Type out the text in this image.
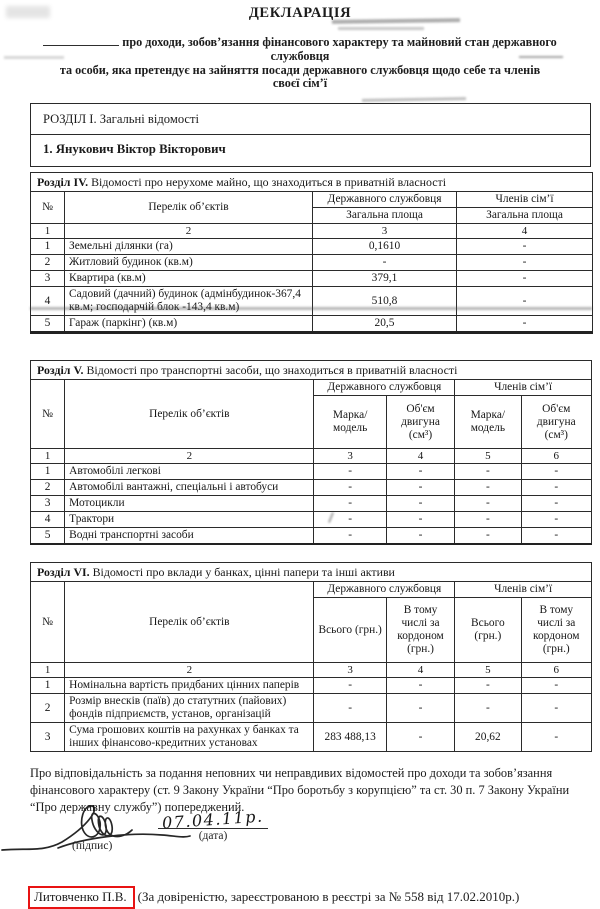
ДЕКЛАРАЦІЯ
про доходи, зобов’язання фінансового характеру та майновий стан державного службовця
та особи, яка претендує на зайняття посади державного службовця щодо себе та членів
своєї сім’ї
РОЗДІЛ І. Загальні відомості
1. Янукович Віктор Вікторович
Розділ IV. Відомості про нерухоме майно, що знаходиться в приватній власності			
№	Перелік об’єктів	Державного службовця	Членів сім’ї
		Загальна площа	Загальна площа
1	2	3	4
1	Земельні ділянки (га)	0,1610	-
2	Житловий будинок (кв.м)	-	-
3	Квартира (кв.м)	379,1	-
4	Садовий (дачний) будинок (адмінбудинок-367,4 кв.м; господарчій блок -143,4 кв.м)	510,8	-
5	Гараж (паркінг) (кв.м)	20,5	-
Розділ V. Відомості про транспортні засоби, що знаходиться в приватній власності					
№	Перелік об’єктів	Державного службовця		Членів сім’ї	
		Марка/ модель	Об'єм двигуна (см³)	Марка/ модель	Об'єм двигуна (см³)
1	2	3	4	5	6
1	Автомобілі легкові	-	-	-	-
2	Автомобілі вантажні, спеціальні і автобуси	-	-	-	-
3	Мотоцикли	-	-	-	-
4	Трактори	-	-	-	-
5	Водні транспортні засоби	-	-	-	-
Розділ VI. Відомості про вклади у банках, цінні папери та інші активи					
№	Перелік об’єктів	Державного службовця		Членів сім’ї	
		Всього (грн.)	В тому числі за кордоном (грн.)	Всього (грн.)	В тому числі за кордоном (грн.)
1	2	3	4	5	6
1	Номінальна вартість придбаних цінних паперів	-	-	-	-
2	Розмір внесків (паїв) до статутних (пайових) фондів підприємств, установ, організацій	-	-	-	-
3	Сума грошових коштів на рахунках у банках та інших фінансово-кредитних установах	283 488,13	-	20,62	-

Про відповідальність за подання неповних чи неправдивих відомостей про доходи та зобов’язання фінансового характеру (ст. 9 Закону України “Про боротьбу з корупцією” та ст. 30 п. 7 Закону України “Про державну службу”) попереджений.

(підпис)
07.04.11р.
(дата)
Литовченко П.В. (За довіреністю, зареєстрованою в реєстрі за № 558 від 17.02.2010р.)
